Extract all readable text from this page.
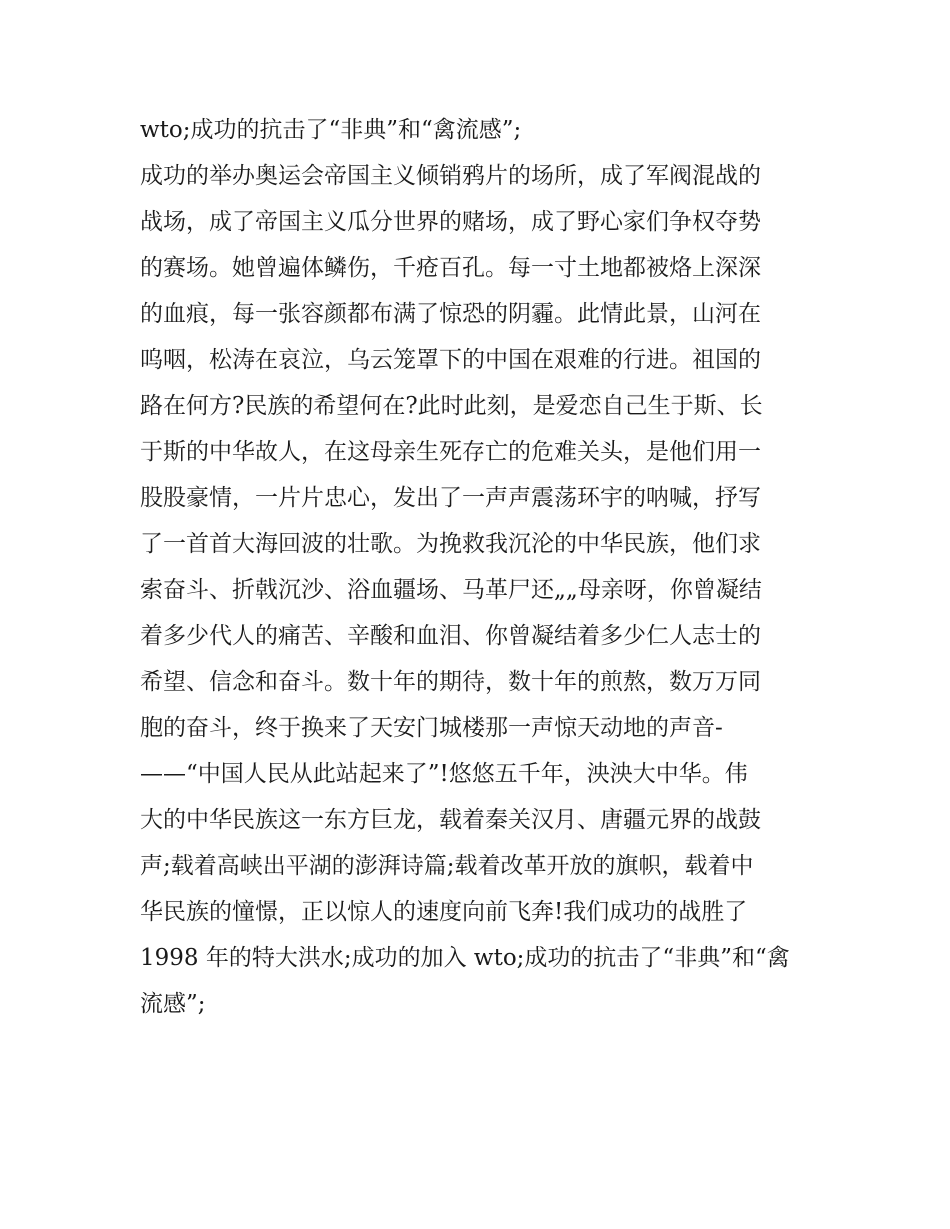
wto;成功的抗击了“非典”和“禽流感”;
成功的举办奥运会帝国主义倾销鸦片的场所，成了军阀混战的
战场，成了帝国主义瓜分世界的赌场，成了野心家们争权夺势
的赛场。她曾遍体鳞伤，千疮百孔。每一寸土地都被烙上深深
的血痕，每一张容颜都布满了惊恐的阴霾。此情此景，山河在
呜咽，松涛在哀泣，乌云笼罩下的中国在艰难的行进。祖国的
路在何方?民族的希望何在?此时此刻，是爱恋自己生于斯、长
于斯的中华故人，在这母亲生死存亡的危难关头，是他们用一
股股豪情，一片片忠心，发出了一声声震荡环宇的呐喊，抒写
了一首首大海回波的壮歌。为挽救我沉沦的中华民族，他们求
索奋斗、折戟沉沙、浴血疆场、马革尸还„„母亲呀，你曾凝结
着多少代人的痛苦、辛酸和血泪、你曾凝结着多少仁人志士的
希望、信念和奋斗。数十年的期待，数十年的煎熬，数万万同
胞的奋斗，终于换来了天安门城楼那一声惊天动地的声音-
——“中国人民从此站起来了”!悠悠五千年，泱泱大中华。伟
大的中华民族这一东方巨龙，载着秦关汉月、唐疆元界的战鼓
声;载着高峡出平湖的澎湃诗篇;载着改革开放的旗帜，载着中
华民族的憧憬，正以惊人的速度向前飞奔!我们成功的战胜了
1998 年的特大洪水;成功的加入 wto;成功的抗击了“非典”和“禽
流感”;
